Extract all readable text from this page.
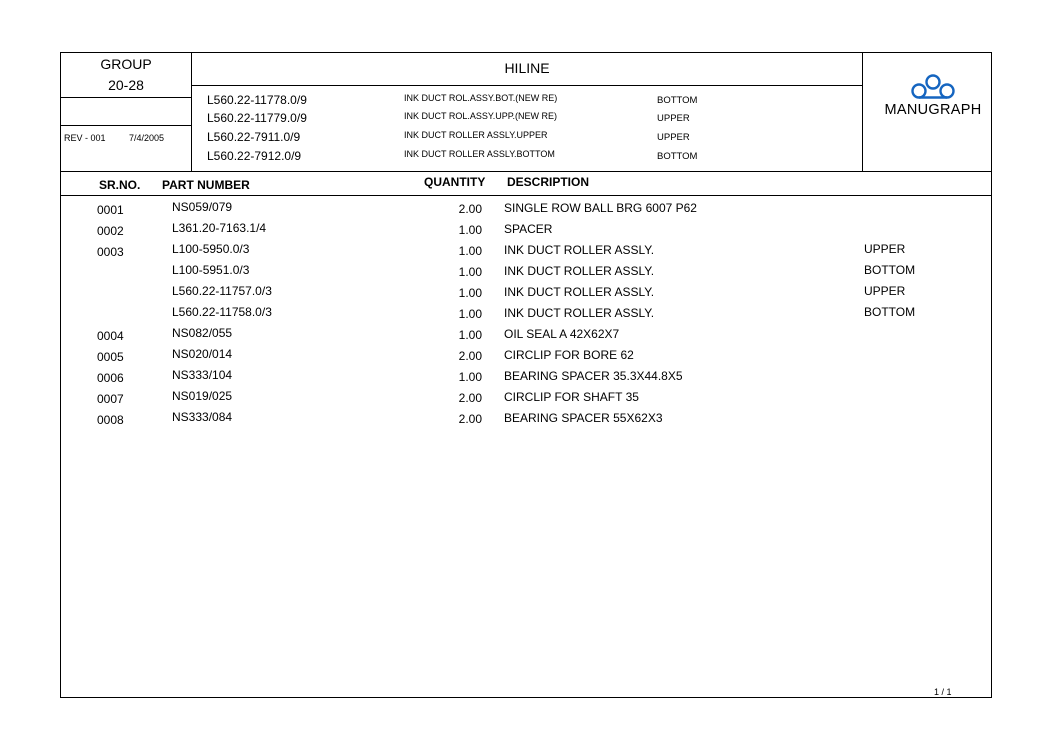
GROUP
20-28
REV - 001	7/4/2005
HILINE
L560.22-11778.0/9	INK DUCT ROL.ASSY.BOT.(NEW RE)	BOTTOM
L560.22-11779.0/9	INK DUCT ROL.ASSY.UPP.(NEW RE)	UPPER
L560.22-7911.0/9	INK DUCT ROLLER ASSLY.UPPER	UPPER
L560.22-7912.0/9	INK DUCT ROLLER ASSLY.BOTTOM	BOTTOM
MANUGRAPH
SR.NO. PART NUMBER	QUANTITY DESCRIPTION
0001	NS059/079	2.00 SINGLE ROW BALL BRG 6007 P62
0002	L361.20-7163.1/4	1.00 SPACER
0003	L100-5950.0/3	1.00 INK DUCT ROLLER ASSLY.	UPPER
L100-5951.0/3	1.00 INK DUCT ROLLER ASSLY.	BOTTOM
L560.22-11757.0/3	1.00 INK DUCT ROLLER ASSLY.	UPPER
L560.22-11758.0/3	1.00 INK DUCT ROLLER ASSLY.	BOTTOM
0004	NS082/055	1.00 OIL SEAL A 42X62X7
0005	NS020/014	2.00 CIRCLIP FOR BORE 62
0006	NS333/104	1.00 BEARING SPACER 35.3X44.8X5
0007	NS019/025	2.00 CIRCLIP FOR SHAFT 35
0008	NS333/084	2.00 BEARING SPACER 55X62X3
1 / 1
